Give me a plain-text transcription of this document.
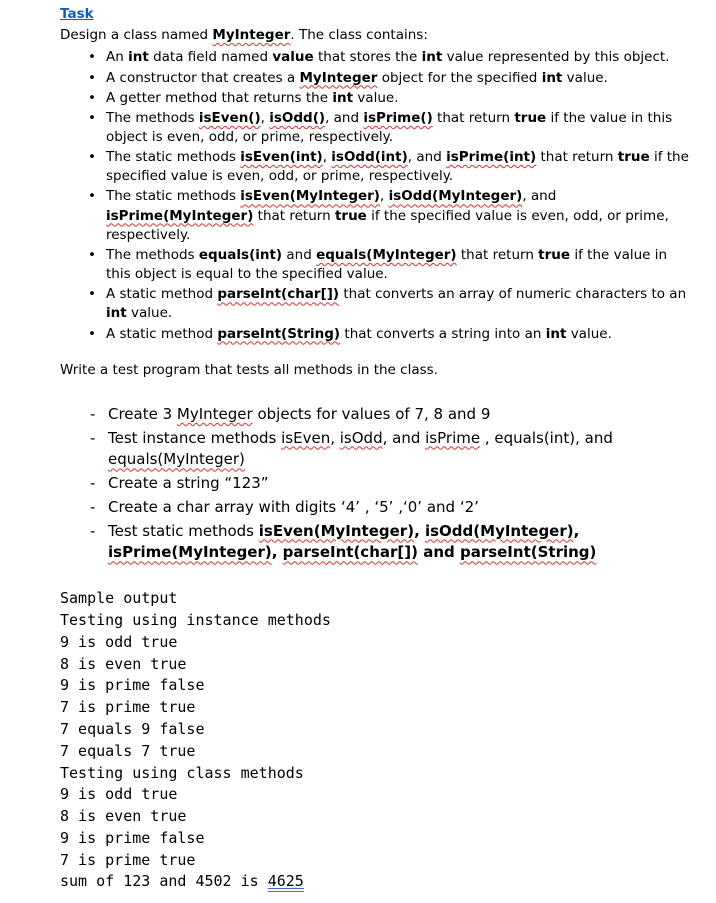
Task

Design a class named MyInteger. The class contains:

• An int data field named value that stores the int value represented by this object.
• A constructor that creates a MyInteger object for the specified int value.
• A getter method that returns the int value.
• The methods isEven(), isOdd(), and isPrime() that return true if the value in this object is even, odd, or prime, respectively.
• The static methods isEven(int), isOdd(int), and isPrime(int) that return true if the specified value is even, odd, or prime, respectively.
• The static methods isEven(MyInteger), isOdd(MyInteger), and isPrime(MyInteger) that return true if the specified value is even, odd, or prime, respectively.
• The methods equals(int) and equals(MyInteger) that return true if the value in this object is equal to the specified value.
• A static method parseInt(char[]) that converts an array of numeric characters to an int value.
• A static method parseInt(String) that converts a string into an int value.

Write a test program that tests all methods in the class.

- Create 3 MyInteger objects for values of 7, 8 and 9
- Test instance methods isEven, isOdd, and isPrime , equals(int), and equals(MyInteger)
- Create a string “123”
- Create a char array with digits ‘4’ , ‘5’ ,‘0’ and ‘2’
- Test static methods isEven(MyInteger), isOdd(MyInteger), isPrime(MyInteger), parseInt(char[]) and parseInt(String)
Sample output
Testing using instance methods
9 is odd true
8 is even true
9 is prime false
7 is prime true
7 equals 9 false
7 equals 7 true
Testing using class methods
9 is odd true
8 is even true
9 is prime false
7 is prime true
sum of 123 and 4502 is 4625
